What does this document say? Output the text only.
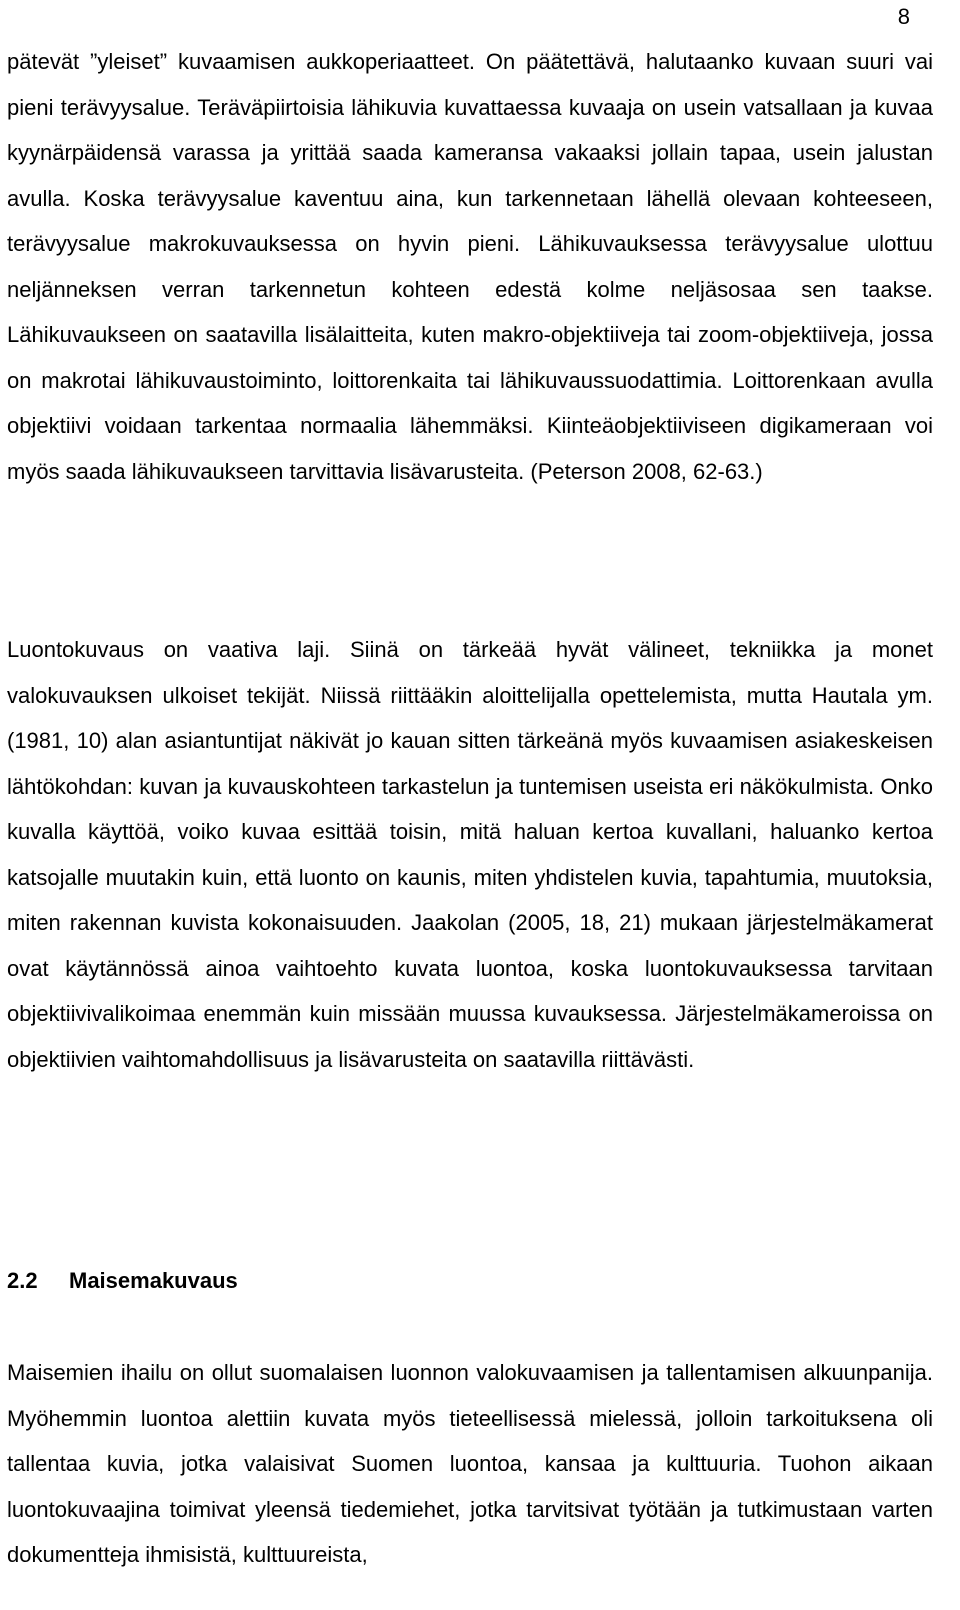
8

pätevät ”yleiset” kuvaamisen aukkoperiaatteet. On päätettävä, halutaanko kuvaan suuri vai pieni terävyysalue. Teräväpiirtoisia lähikuvia kuvattaessa kuvaaja on usein vatsallaan ja kuvaa kyynärpäidensä varassa ja yrittää saada kameransa vakaaksi jollain tapaa, usein jalustan avulla. Koska terävyysalue kaventuu aina, kun tarkennetaan lähellä olevaan kohteeseen, terävyysalue makrokuvauksessa on hyvin pieni. Lähikuvauksessa terävyysalue ulottuu neljänneksen verran tarkennetun kohteen edestä kolme neljäsosaa sen taakse. Lähikuvaukseen on saatavilla lisälaitteita, kuten makro-objektiiveja tai zoom-objektiiveja, jossa on makrotai lähikuvaustoiminto, loittorenkaita tai lähikuvaussuodattimia. Loittorenkaan avulla objektiivi voidaan tarkentaa normaalia lähemmäksi. Kiinteäobjektiiviseen digikameraan voi myös saada lähikuvaukseen tarvittavia lisävarusteita. (Peterson 2008, 62-63.)

Luontokuvaus on vaativa laji. Siinä on tärkeää hyvät välineet, tekniikka ja monet valokuvauksen ulkoiset tekijät. Niissä riittääkin aloittelijalla opettelemista, mutta Hautala ym. (1981, 10) alan asiantuntijat näkivät jo kauan sitten tärkeänä myös kuvaamisen asiakeskeisen lähtökohdan: kuvan ja kuvauskohteen tarkastelun ja tuntemisen useista eri näkökulmista. Onko kuvalla käyttöä, voiko kuvaa esittää toisin, mitä haluan kertoa kuvallani, haluanko kertoa katsojalle muutakin kuin, että luonto on kaunis, miten yhdistelen kuvia, tapahtumia, muutoksia, miten rakennan kuvista kokonaisuuden. Jaakolan (2005, 18, 21) mukaan järjestelmäkamerat ovat käytännössä ainoa vaihtoehto kuvata luontoa, koska luontokuvauksessa tarvitaan objektiivivalikoimaa enemmän kuin missään muussa kuvauksessa. Järjestelmäkameroissa on objektiivien vaihtomahdollisuus ja lisävarusteita on saatavilla riittävästi.

2.2 Maisemakuvaus

Maisemien ihailu on ollut suomalaisen luonnon valokuvaamisen ja tallentamisen alkuunpanija. Myöhemmin luontoa alettiin kuvata myös tieteellisessä mielessä, jolloin tarkoituksena oli tallentaa kuvia, jotka valaisivat Suomen luontoa, kansaa ja kulttuuria. Tuohon aikaan luontokuvaajina toimivat yleensä tiedemiehet, jotka tarvitsivat työtään ja tutkimustaan varten dokumentteja ihmisistä, kulttuureista,
